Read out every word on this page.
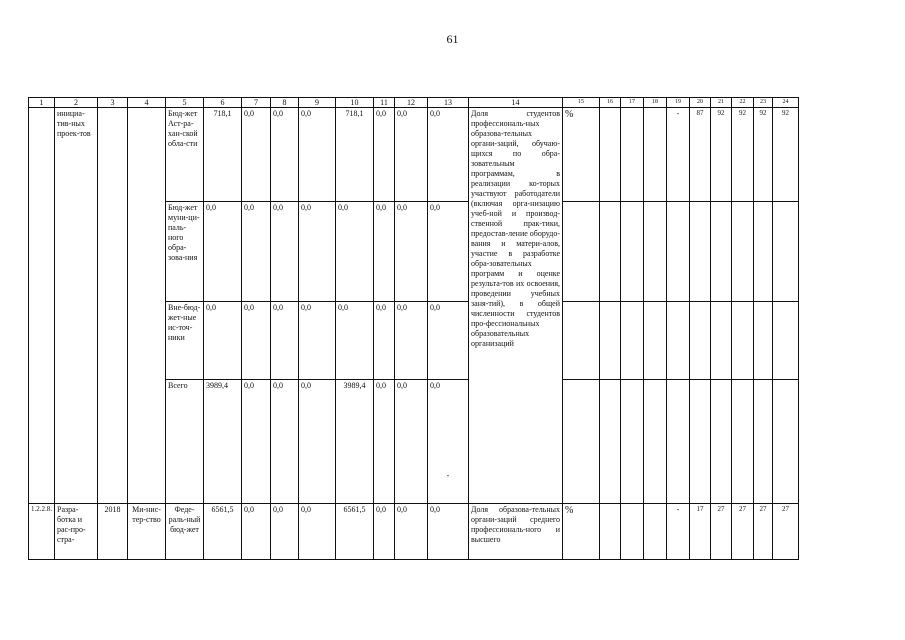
61
1	2	3	4	5	6	7	8	9	10	11	12	13	14	15	16	17	18	19	20	21	22	23	24
	инициа-тив-ных проек-тов			Бюд-жет Аст-ра-хан-ской обла-сти	718,1	0,0	0,0	0,0	718,1	0,0	0,0	0,0	Доля студентов профессиональ-ных образова-тельных органи-заций, обучаю-щихся по обра-зовательным программам, в реализации ко-торых участвуют работодатели (включая орга-низацию учеб-ной и производ-ственной прак-тики, предостав-ление оборудо-вания и матери-алов, участие в разработке обра-зовательных программ и оценке результа-тов их освоения, проведении учебных заня-тий), в общей численности студентов про-фессиональных образовательных организаций	%				-	87	92	92	92	92
				Бюд-жет муни-ци-паль-ного обра-зова-ния	0,0	0,0	0,0	0,0	0,0	0,0	0,0	0,0											
				Вне-бюд-жет-ные ис-точ-ники	0,0	0,0	0,0	0,0	0,0	0,0	0,0	0,0											
				Всего	3989,4	0,0	0,0	0,0	3989,4	0,0	0,0	0,0
-											

1.2.2.8.	Разра-ботка и рас-про-стра-	2018	Ми-нис-тер-ство	Феде-раль-ный бюд-жет	6561,5	0,0	0,0	0,0	6561,5	0,0	0,0	0,0	Доля образова-тельных органи-заций среднего профессиональ-ного и высшего	%				-	17	27	27	27	27
